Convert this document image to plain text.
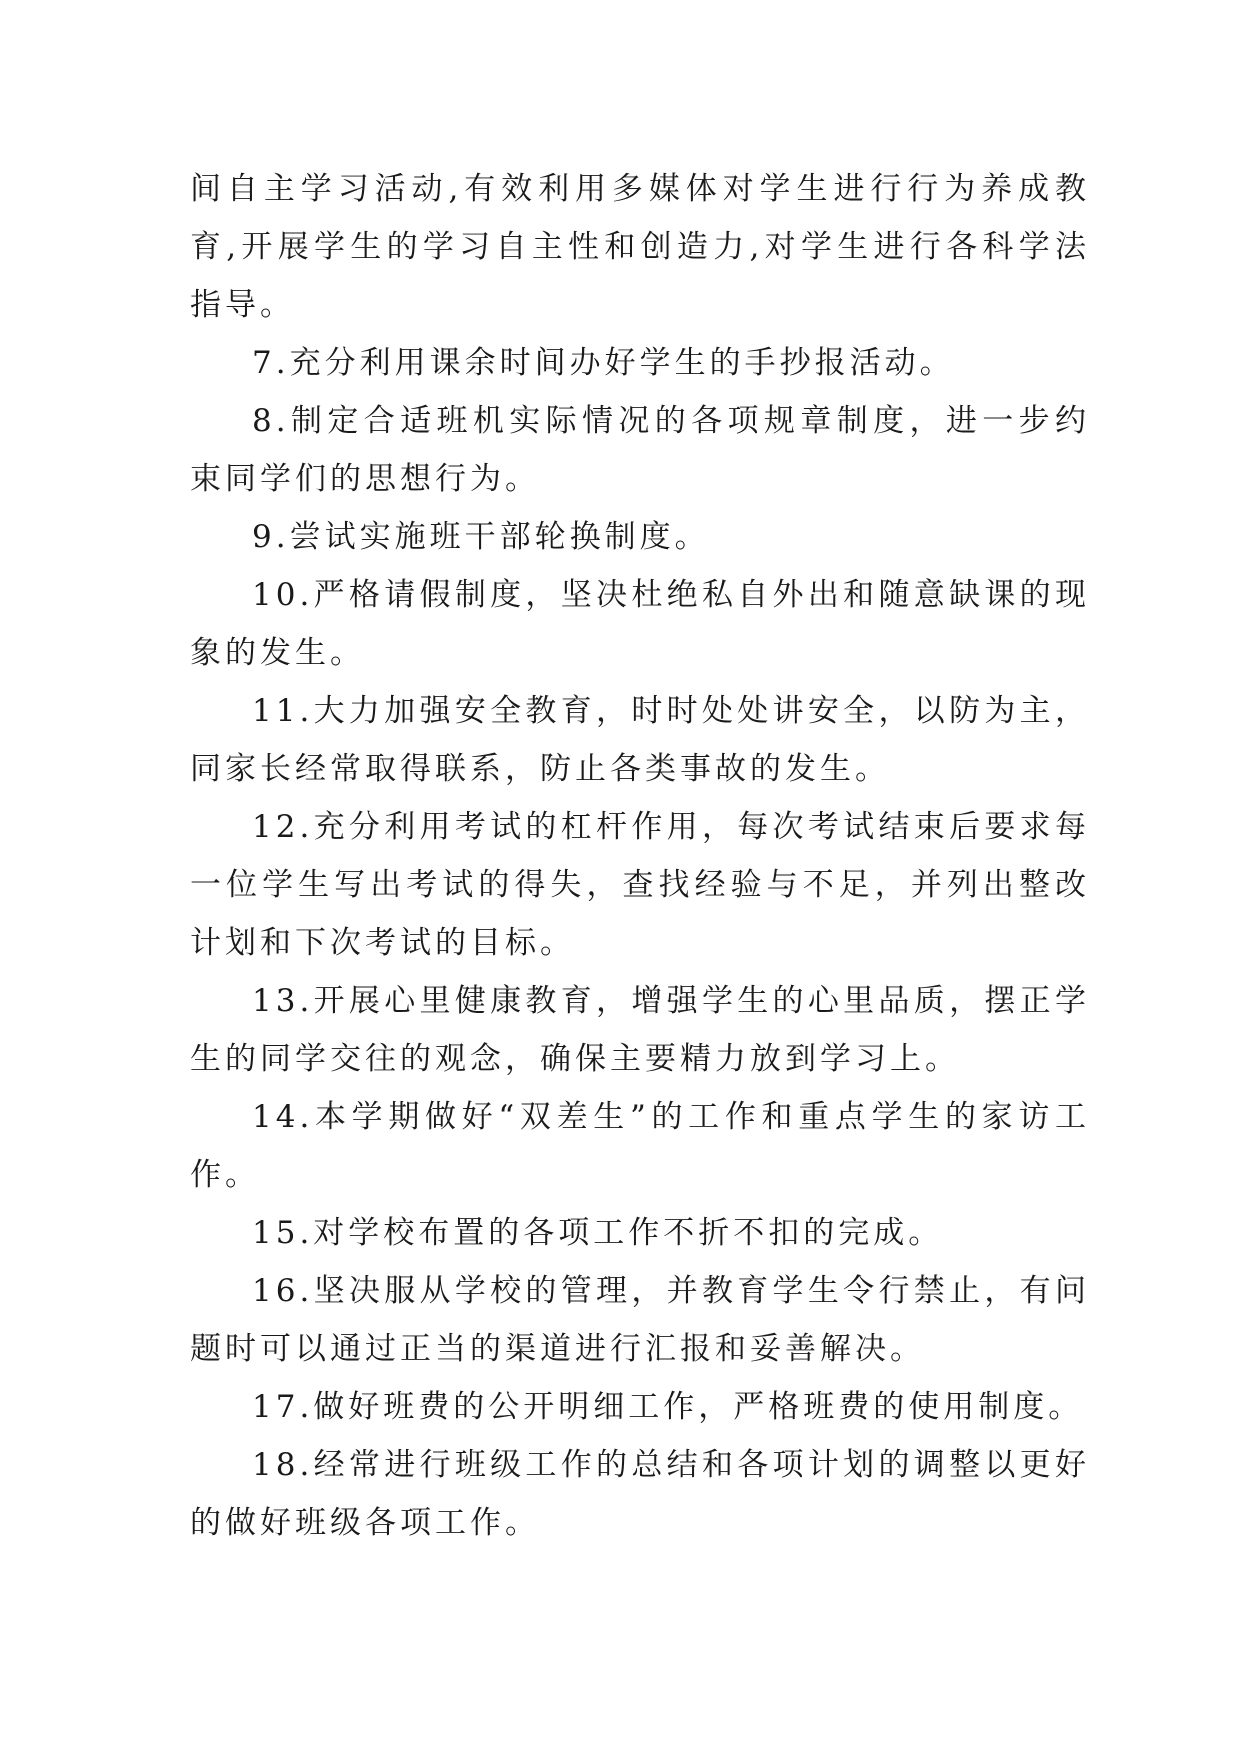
间自主学习活动,有效利用多媒体对学生进行行为养成教育,开展学生的学习自主性和创造力,对学生进行各科学法指导。

7.充分利用课余时间办好学生的手抄报活动。

8.制定合适班机实际情况的各项规章制度，进一步约束同学们的思想行为。

9.尝试实施班干部轮换制度。

10.严格请假制度，坚决杜绝私自外出和随意缺课的现象的发生。

11.大力加强安全教育，时时处处讲安全，以防为主，同家长经常取得联系，防止各类事故的发生。

12.充分利用考试的杠杆作用，每次考试结束后要求每一位学生写出考试的得失，查找经验与不足，并列出整改计划和下次考试的目标。

13.开展心里健康教育，增强学生的心里品质，摆正学生的同学交往的观念，确保主要精力放到学习上。

14.本学期做好“双差生”的工作和重点学生的家访工作。

15.对学校布置的各项工作不折不扣的完成。

16.坚决服从学校的管理，并教育学生令行禁止，有问题时可以通过正当的渠道进行汇报和妥善解决。

17.做好班费的公开明细工作，严格班费的使用制度。

18.经常进行班级工作的总结和各项计划的调整以更好的做好班级各项工作。
